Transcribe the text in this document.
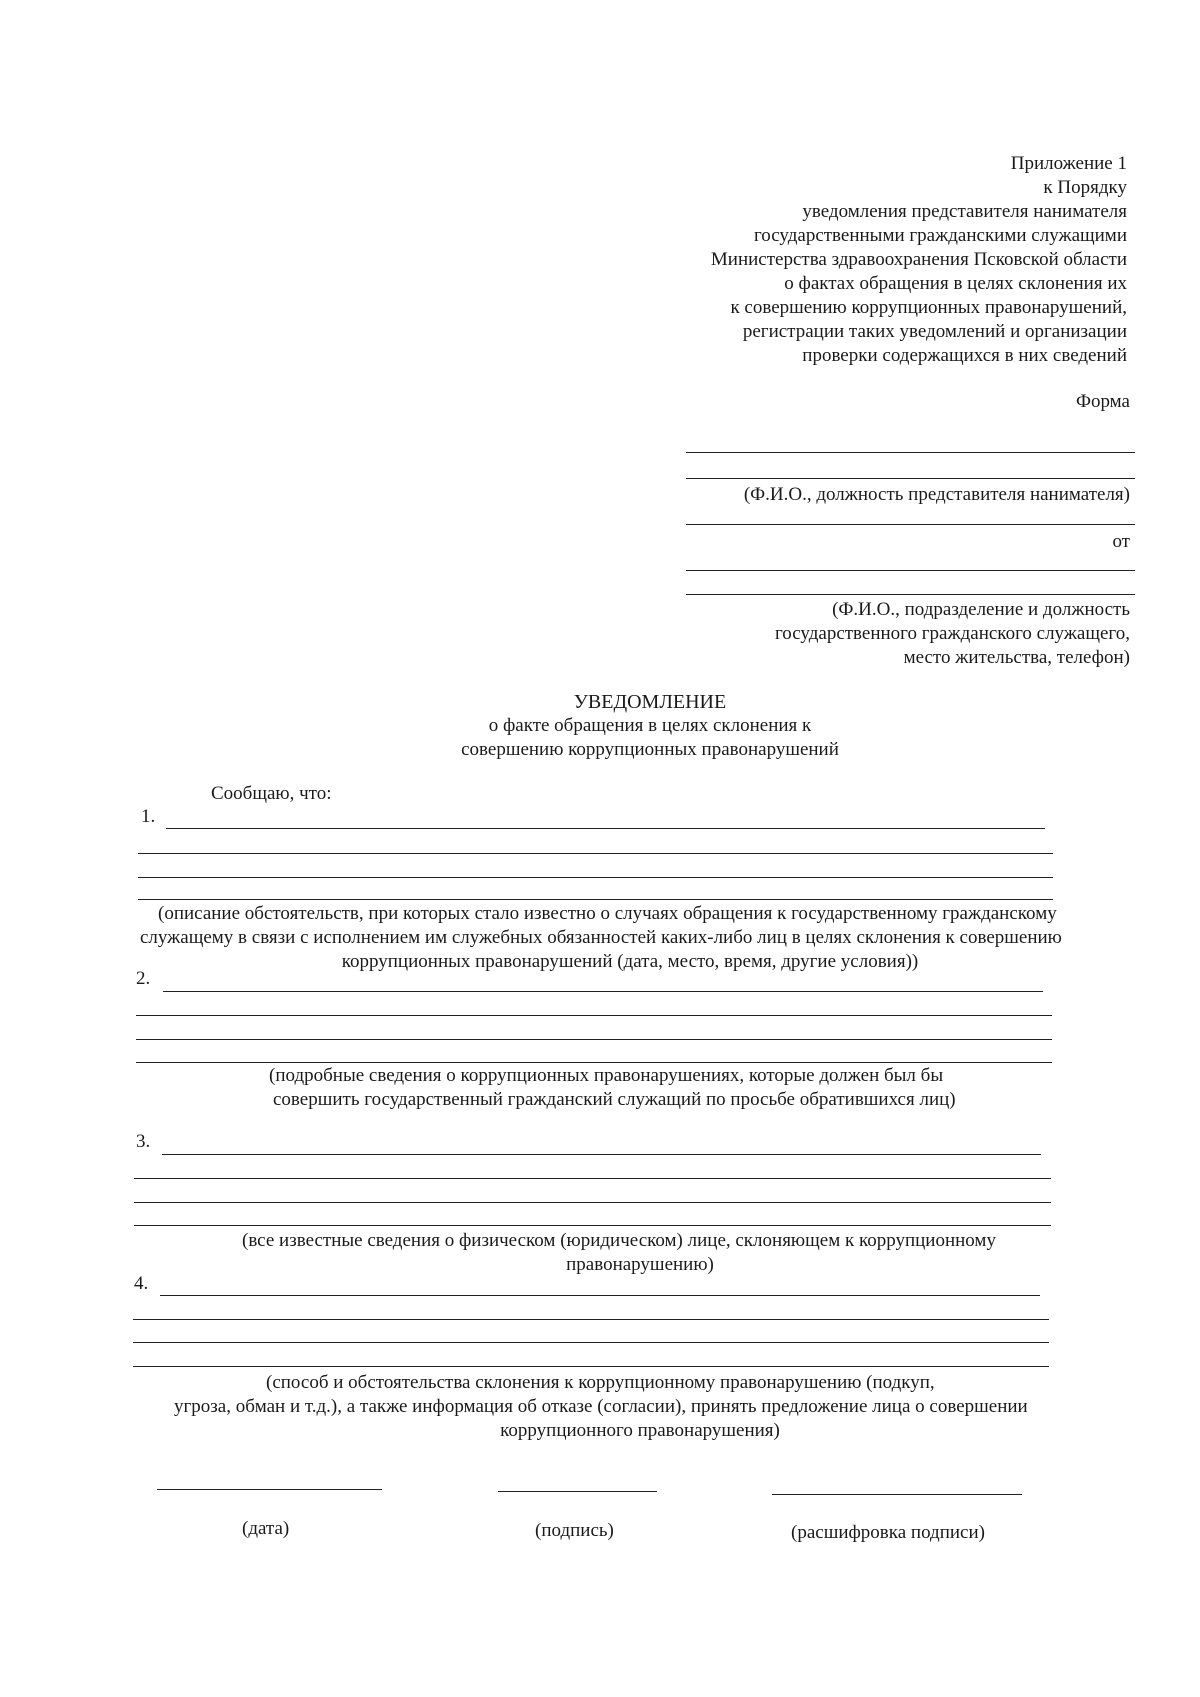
Приложение 1
к Порядку
уведомления представителя нанимателя
государственными гражданскими служащими
Министерства здравоохранения Псковской области
о фактах обращения в целях склонения их
к совершению коррупционных правонарушений,
регистрации таких уведомлений и организации
проверки содержащихся в них сведений
Форма
(Ф.И.О., должность представителя нанимателя)
от
(Ф.И.О., подразделение и должность
государственного гражданского служащего,
место жительства, телефон)
УВЕДОМЛЕНИЕ
о факте обращения в целях склонения к
совершению коррупционных правонарушений
Сообщаю, что:
1.
(описание обстоятельств, при которых стало известно о случаях обращения к государственному гражданскому
служащему в связи с исполнением им служебных обязанностей каких-либо лиц в целях склонения к совершению
коррупционных правонарушений (дата, место, время, другие условия))
2.
(подробные сведения о коррупционных правонарушениях, которые должен был бы
совершить государственный гражданский служащий по просьбе обратившихся лиц)
3.
(все известные сведения о физическом (юридическом) лице, склоняющем к коррупционному
правонарушению)
4.
(способ и обстоятельства склонения к коррупционному правонарушению (подкуп,
угроза, обман и т.д.), а также информация об отказе (согласии), принять предложение лица о совершении
коррупционного правонарушения)
(дата)	(подпись)	(расшифровка подписи)
